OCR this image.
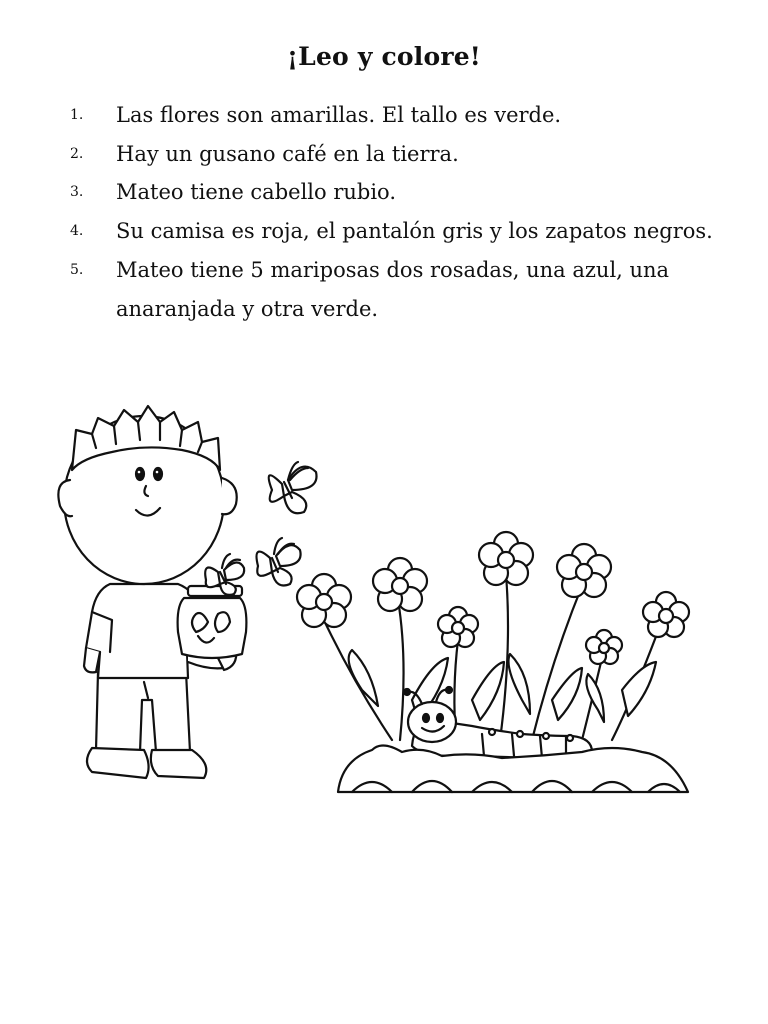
¡Leo y colore!
1.	Las flores son amarillas. El tallo es verde.
2.	Hay un gusano café en la tierra.
3.	Mateo tiene cabello rubio.
4.	Su camisa es roja, el pantalón gris y los zapatos negros.
5.	Mateo tiene 5 mariposas dos rosadas, una azul, una anaranjada y otra verde.
